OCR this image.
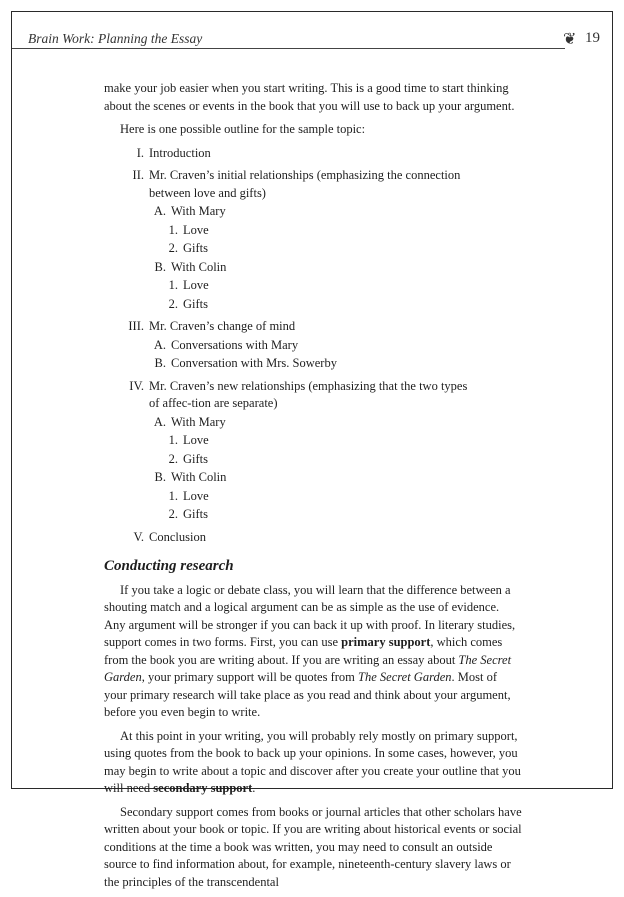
Brain Work: Planning the Essay	❦ 19

make your job easier when you start writing. This is a good time to start thinking about the scenes or events in the book that you will use to back up your argument.

Here is one possible outline for the sample topic:

I. Introduction
II. Mr. Craven’s initial relationships (emphasizing the connection between love and gifts)
A. With Mary
1. Love
2. Gifts
B. With Colin
1. Love
2. Gifts
III. Mr. Craven’s change of mind
A. Conversations with Mary
B. Conversation with Mrs. Sowerby
IV. Mr. Craven’s new relationships (emphasizing that the two types of affec-tion are separate)
A. With Mary
1. Love
2. Gifts
B. With Colin
1. Love
2. Gifts
V. Conclusion
Conducting research

If you take a logic or debate class, you will learn that the difference between a shouting match and a logical argument can be as simple as the use of evidence. Any argument will be stronger if you can back it up with proof. In literary studies, support comes in two forms. First, you can use primary support, which comes from the book you are writing about. If you are writing an essay about The Secret Garden, your primary support will be quotes from The Secret Garden. Most of your primary research will take place as you read and think about your argument, before you even begin to write.

At this point in your writing, you will probably rely mostly on primary support, using quotes from the book to back up your opinions. In some cases, however, you may begin to write about a topic and discover after you create your outline that you will need secondary support.

Secondary support comes from books or journal articles that other scholars have written about your book or topic. If you are writing about historical events or social conditions at the time a book was written, you may need to consult an outside source to find information about, for example, nineteenth-century slavery laws or the principles of the transcendental
